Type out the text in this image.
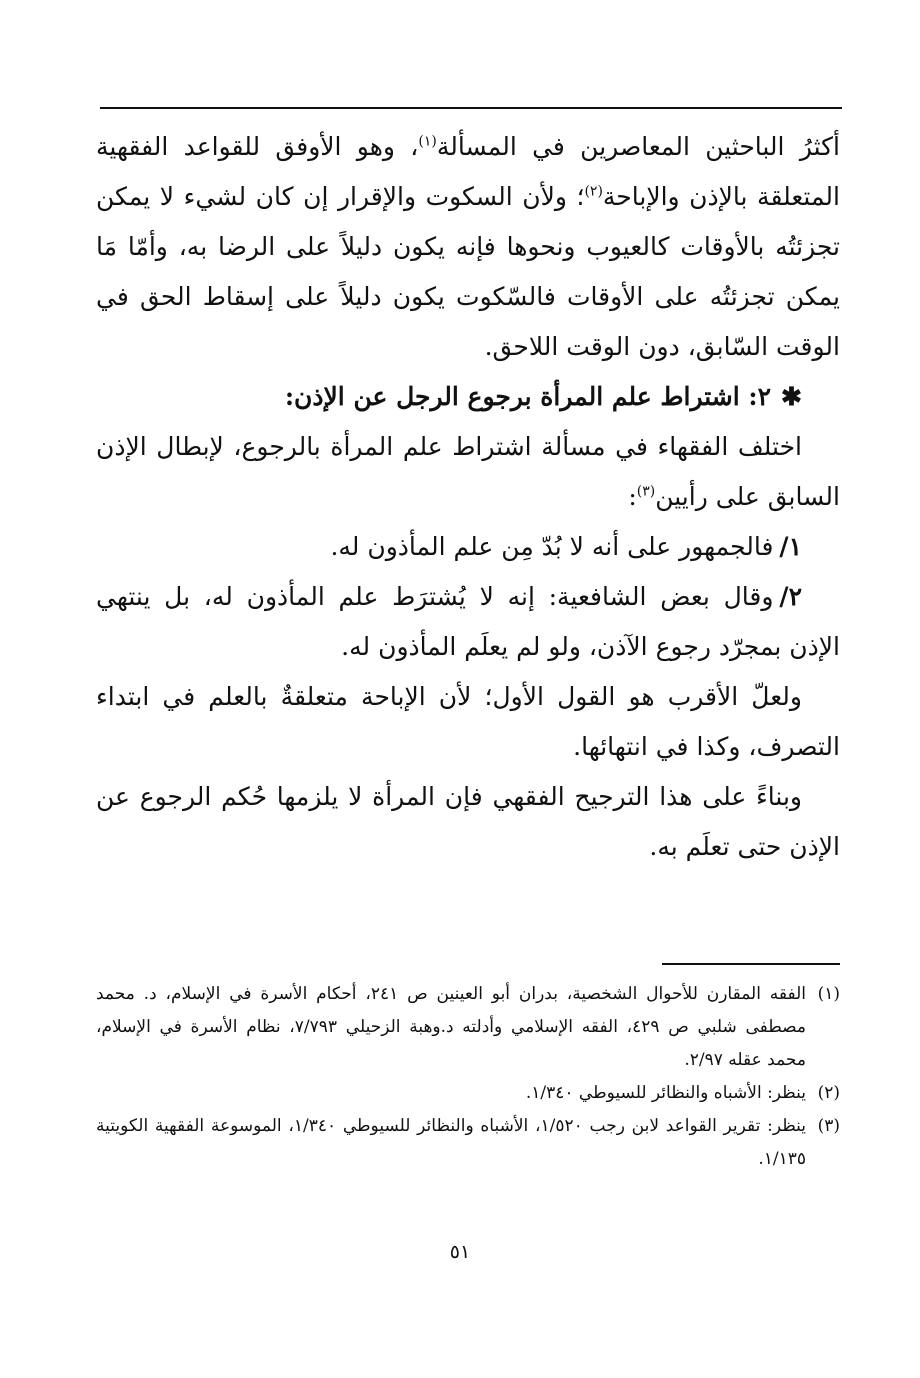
أكثرُ الباحثين المعاصرين في المسألة$^{(١)}$، وهو الأوفق للقواعد الفقهية المتعلقة بالإذن والإباحة$^{(٢)}$؛ ولأن السكوت والإقرار إن كان لشيء لا يمكن تجزئتُه بالأوقات كالعيوب ونحوها فإنه يكون دليلاً على الرضا به، وأمّا مَا يمكن تجزئتُه على الأوقات فالسّكوت يكون دليلاً على إسقاط الحق في الوقت السّابق، دون الوقت اللاحق.

✱٢: اشتراط علم المرأة برجوع الرجل عن الإذن:

اختلف الفقهاء في مسألة اشتراط علم المرأة بالرجوع، لإبطال الإذن السابق على رأيين$^{(٣)}$:

١/فالجمهور على أنه لا بُدّ مِن علم المأذون له.

٢/وقال بعض الشافعية: إنه لا يُشترَط علم المأذون له، بل ينتهي الإذن بمجرّد رجوع الآذن، ولو لم يعلَم المأذون له.

ولعلّ الأقرب هو القول الأول؛ لأن الإباحة متعلقةٌ بالعلم في ابتداء التصرف، وكذا في انتهائها.

وبناءً على هذا الترجيح الفقهي فإن المرأة لا يلزمها حُكم الرجوع عن الإذن حتى تعلَم به.

(١)
الفقه المقارن للأحوال الشخصية، بدران أبو العينين ص ٢٤١، أحكام الأسرة في الإسلام، د. محمد مصطفى شلبي ص ٤٢٩، الفقه الإسلامي وأدلته د.وهبة الزحيلي ٧/٧٩٣، نظام الأسرة في الإسلام، محمد عقله ٢/٩٧.

(٢)
ينظر: الأشباه والنظائر للسيوطي ١/٣٤٠.

(٣)
ينظر: تقرير القواعد لابن رجب ١/٥٢٠، الأشباه والنظائر للسيوطي ١/٣٤٠، الموسوعة الفقهية الكويتية ١/١٣٥.

٥١
